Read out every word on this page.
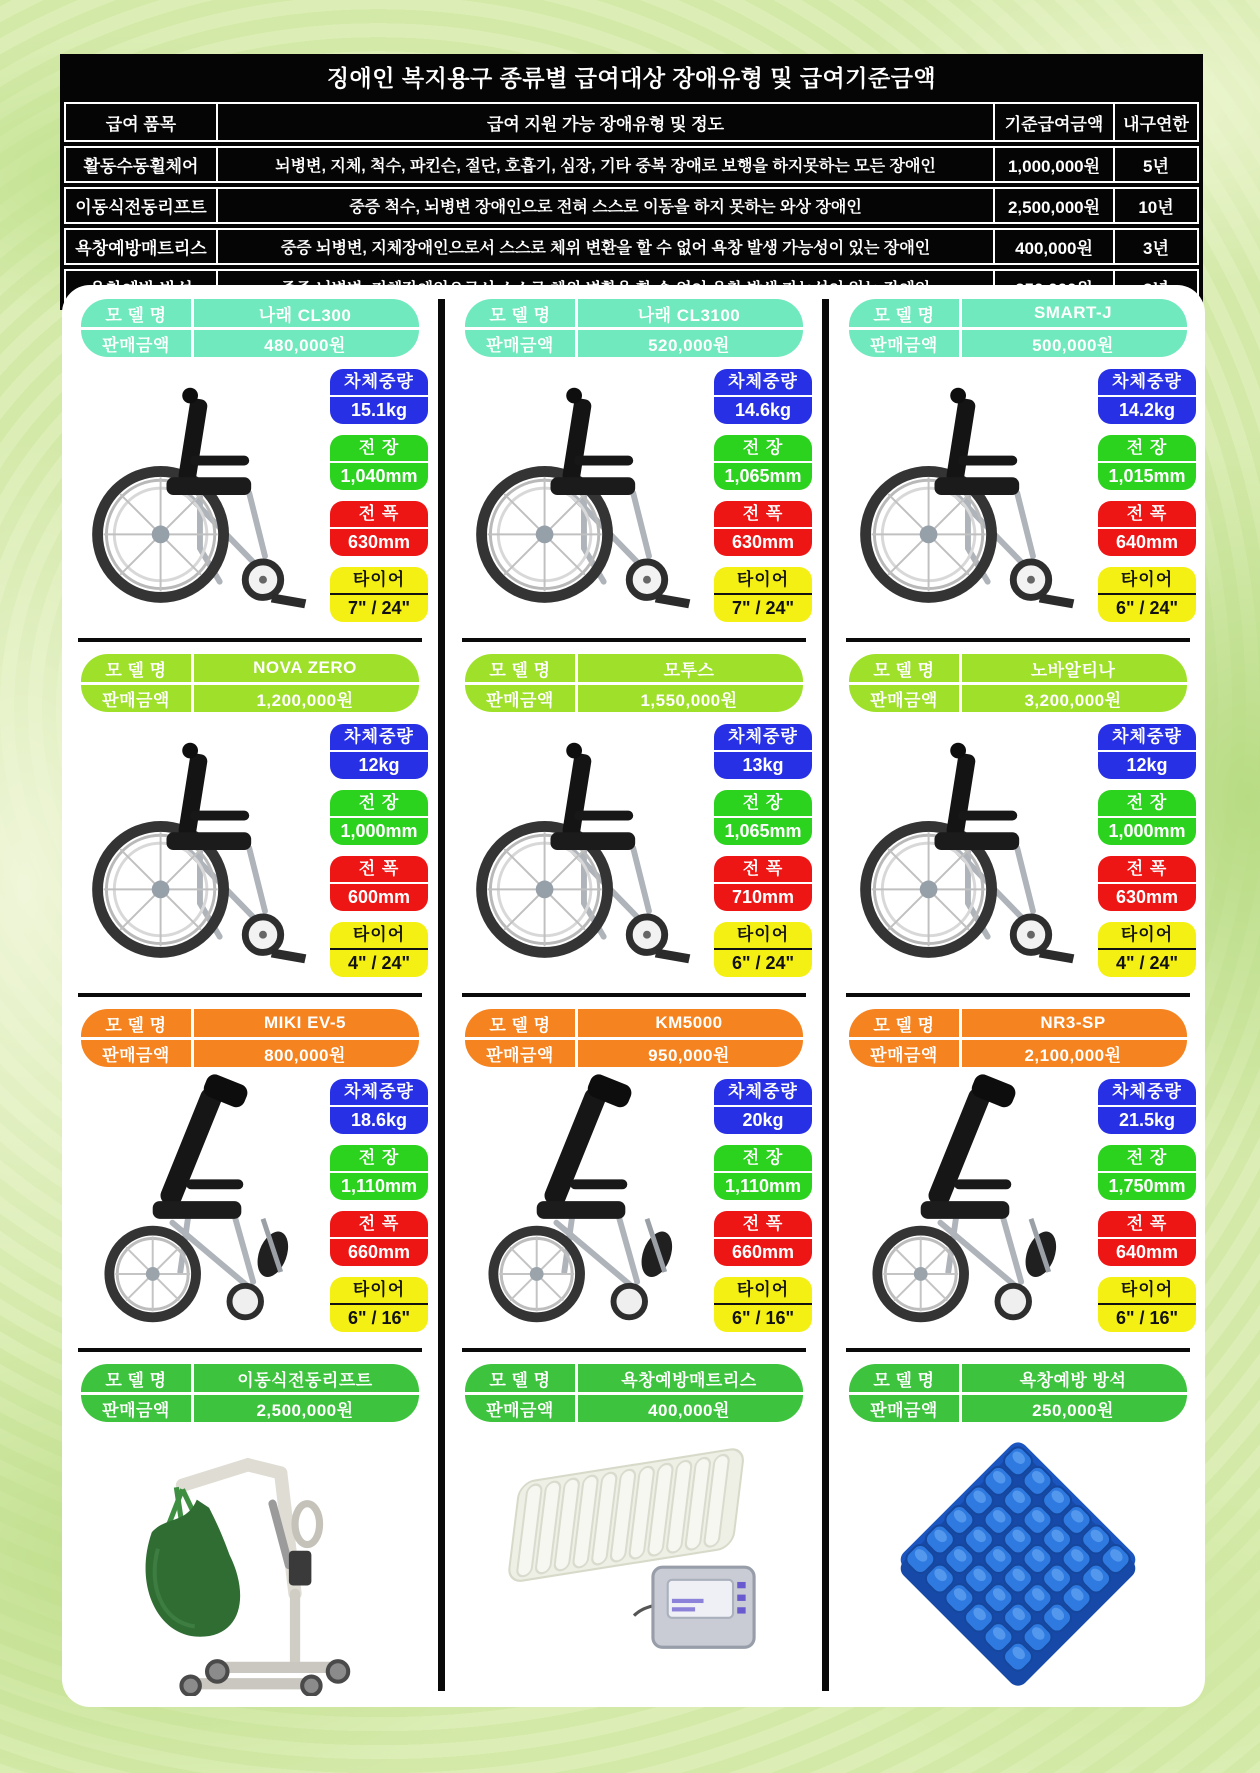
징애인 복지용구 종류별 급여대상 장애유형 및 급여기준금액
급여 품목	급여 지원 가능 장애유형 및 정도	기준급여금액	내구연한
활동수동휠체어	뇌병변, 지체, 척수, 파킨슨, 절단, 호흡기, 심장, 기타 중복 장애로 보행을 하지못하는 모든 장애인	1,000,000원	5년
이동식전동리프트	중증 척수, 뇌병변 장애인으로 전혀 스스로 이동을 하지 못하는 와상 장애인	2,500,000원	10년
욕창예방매트리스	중증 뇌병변, 지체장애인으로서 스스로 체위 변환을 할 수 없어 욕창 발생 가능성이 있는 장애인	400,000원	3년
모 델 명	나래 CL300
판매금액	480,000원
차체중량
15.1kg
전 장
1,040mm
전 폭
630mm
타이어
7" / 24"
모 델 명	나래 CL3100
판매금액	520,000원
차체중량
14.6kg
전 장
1,065mm
전 폭
630mm
타이어
7" / 24"
모 델 명	SMART-J
판매금액	500,000원
차체중량
14.2kg
전 장
1,015mm
전 폭
640mm
타이어
6" / 24"
모 델 명	NOVA ZERO
판매금액	1,200,000원
차체중량
12kg
전 장
1,000mm
전 폭
600mm
타이어
4" / 24"
모 델 명	모투스
판매금액	1,550,000원
차체중량
13kg
전 장
1,065mm
전 폭
710mm
타이어
6" / 24"
모 델 명	노바알티나
판매금액	3,200,000원
차체중량
12kg
전 장
1,000mm
전 폭
630mm
타이어
4" / 24"
모 델 명	MIKI EV-5
판매금액	800,000원
차체중량
18.6kg
전 장
1,110mm
전 폭
660mm
타이어
6" / 16"
모 델 명	KM5000
판매금액	950,000원
차체중량
20kg
전 장
1,110mm
전 폭
660mm
타이어
6" / 16"
모 델 명	NR3-SP
판매금액	2,100,000원
차체중량
21.5kg
전 장
1,750mm
전 폭
640mm
타이어
6" / 16"
모 델 명	이동식전동리프트
판매금액	2,500,000원
모 델 명	욕창예방매트리스
판매금액	400,000원
모 델 명	욕창예방 방석
판매금액	250,000원
